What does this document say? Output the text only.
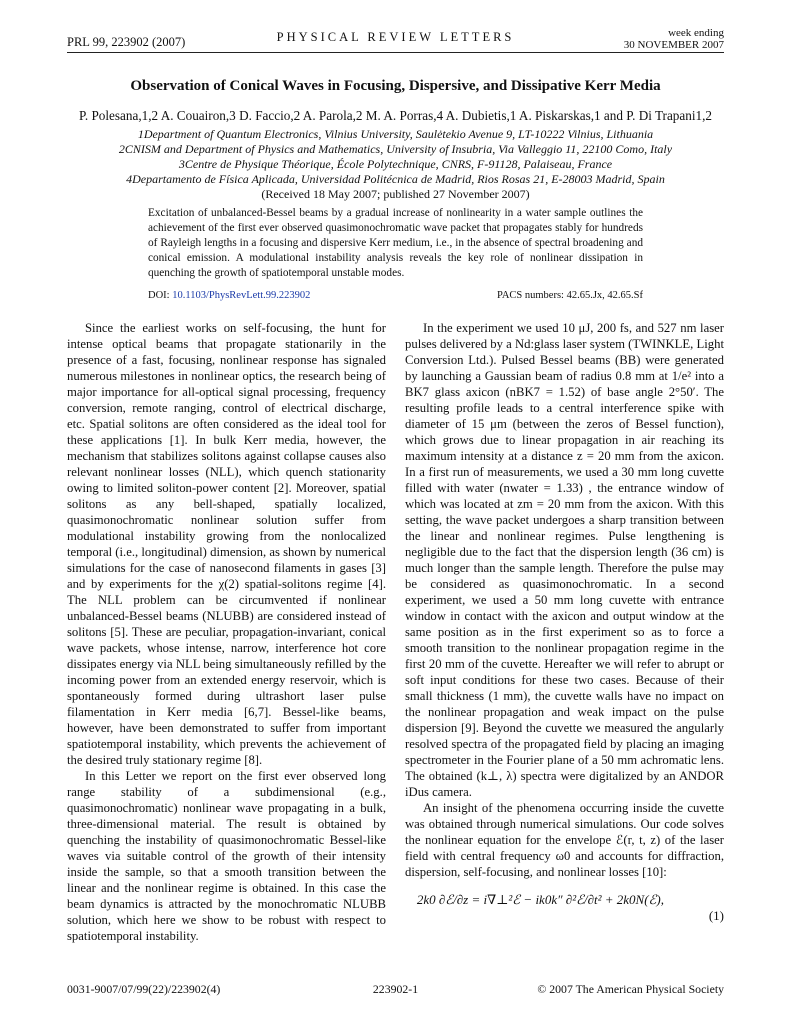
PRL 99, 223902 (2007)	PHYSICAL REVIEW LETTERS	week ending
30 NOVEMBER 2007
Observation of Conical Waves in Focusing, Dispersive, and Dissipative Kerr Media
P. Polesana,1,2 A. Couairon,3 D. Faccio,2 A. Parola,2 M. A. Porras,4 A. Dubietis,1 A. Piskarskas,1 and P. Di Trapani1,2
1Department of Quantum Electronics, Vilnius University, Saulėtekio Avenue 9, LT-10222 Vilnius, Lithuania
2CNISM and Department of Physics and Mathematics, University of Insubria, Via Valleggio 11, 22100 Como, Italy
3Centre de Physique Théorique, École Polytechnique, CNRS, F-91128, Palaiseau, France
4Departamento de Física Aplicada, Universidad Politécnica de Madrid, Rios Rosas 21, E-28003 Madrid, Spain
(Received 18 May 2007; published 27 November 2007)
Excitation of unbalanced-Bessel beams by a gradual increase of nonlinearity in a water sample outlines the achievement of the first ever observed quasimonochromatic wave packet that propagates stably for hundreds of Rayleigh lengths in a focusing and dispersive Kerr medium, i.e., in the absence of spectral broadening and conical emission. A modulational instability analysis reveals the key role of nonlinear dissipation in quenching the growth of spatiotemporal unstable modes.
DOI: 10.1103/PhysRevLett.99.223902	PACS numbers: 42.65.Jx, 42.65.Sf

Since the earliest works on self-focusing, the hunt for intense optical beams that propagate stationarily in the presence of a fast, focusing, nonlinear response has signaled numerous milestones in nonlinear optics, the research being of major importance for all-optical signal processing, frequency conversion, remote ranging, control of electrical discharge, etc. Spatial solitons are often considered as the ideal tool for these applications [1]. In bulk Kerr media, however, the mechanism that stabilizes solitons against collapse causes also relevant nonlinear losses (NLL), which quench stationarity owing to limited soliton-power content [2]. Moreover, spatial solitons as any bell-shaped, spatially localized, quasimonochromatic nonlinear solution suffer from modulational instability growing from the nonlocalized temporal (i.e., longitudinal) dimension, as shown by numerical simulations for the case of nanosecond filaments in gases [3] and by experiments for the χ(2) spatial-solitons regime [4]. The NLL problem can be circumvented if nonlinear unbalanced-Bessel beams (NLUBB) are considered instead of solitons [5]. These are peculiar, propagation-invariant, conical wave packets, whose intense, narrow, interference hot core dissipates energy via NLL being simultaneously refilled by the incoming power from an extended energy reservoir, which is spontaneously formed during ultrashort laser pulse filamentation in Kerr media [6,7]. Bessel-like beams, however, have been demonstrated to suffer from important spatiotemporal instability, which prevents the achievement of the desired truly stationary regime [8].

In this Letter we report on the first ever observed long range stability of a subdimensional (e.g., quasimonochromatic) nonlinear wave propagating in a bulk, three-dimensional material. The result is obtained by quenching the instability of quasimonochromatic Bessel-like waves via suitable control of the growth of their intensity inside the sample, so that a smooth transition between the linear and the nonlinear regime is obtained. In this case the beam dynamics is attracted by the monochromatic NLUBB solution, which here we show to be robust with respect to spatiotemporal instability.

In the experiment we used 10 μJ, 200 fs, and 527 nm laser pulses delivered by a Nd:glass laser system (TWINKLE, Light Conversion Ltd.). Pulsed Bessel beams (BB) were generated by launching a Gaussian beam of radius 0.8 mm at 1/e² into a BK7 glass axicon (nBK7 = 1.52) of base angle 2°50′. The resulting profile leads to a central interference spike with diameter of 15 μm (between the zeros of Bessel function), which grows due to linear propagation in air reaching its maximum intensity at a distance z = 20 mm from the axicon. In a first run of measurements, we used a 30 mm long cuvette filled with water (nwater = 1.33) , the entrance window of which was located at zm = 20 mm from the axicon. With this setting, the wave packet undergoes a sharp transition between the linear and nonlinear regimes. Pulse lengthening is negligible due to the fact that the dispersion length (36 cm) is much longer than the sample length. Therefore the pulse may be considered as quasimonochromatic. In a second experiment, we used a 50 mm long cuvette with entrance window in contact with the axicon and output window at the same position as in the first experiment so as to force a smooth transition to the nonlinear propagation regime in the first 20 mm of the cuvette. Hereafter we will refer to abrupt or soft input conditions for these two cases. Because of their small thickness (1 mm), the cuvette walls have no impact on the nonlinear propagation and weak impact on the pulse dispersion [9]. Beyond the cuvette we measured the angularly resolved spectra of the propagated field by placing an imaging spectrometer in the Fourier plane of a 50 mm achromatic lens. The obtained (k⊥, λ) spectra were digitalized by an ANDOR iDus camera.

An insight of the phenomena occurring inside the cuvette was obtained through numerical simulations. Our code solves the nonlinear equation for the envelope ℰ(r, t, z) of the laser field with central frequency ω0 and accounts for diffraction, dispersion, self-focusing, and nonlinear losses [10]:

2k0 ∂ℰ/∂z = i∇⊥²ℰ − ik0k″ ∂²ℰ/∂t² + 2k0N(ℰ), (1)
0031-9007/07/99(22)/223902(4)	223902-1	© 2007 The American Physical Society
